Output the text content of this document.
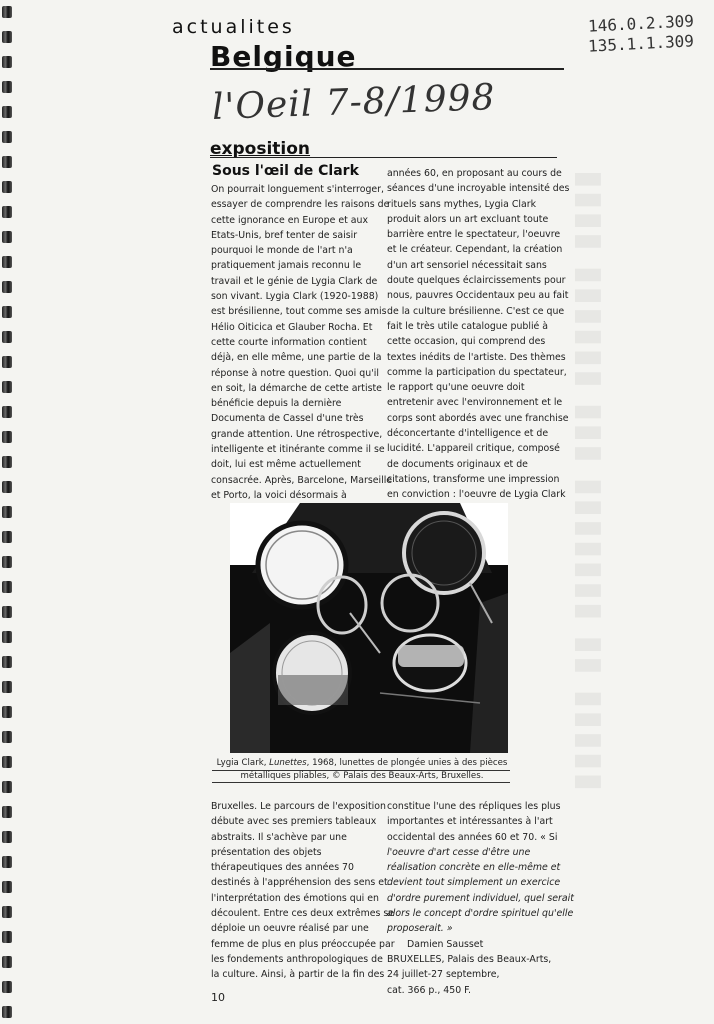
▮▮▮▮ ▮▮▮▮▮▮ ▮▮▮ ▮▮▮▮▮▮▮ ▮▮ ▮▮▮▮▮
actualites
Belgique
l'Oeil 7-8/1998
146.0.2.309
135.1.1.309
exposition
Sous l'œil de Clark
On pourrait longuement s'interroger,
essayer de comprendre les raisons de
cette ignorance en Europe et aux
Etats-Unis, bref tenter de saisir
pourquoi le monde de l'art n'a
pratiquement jamais reconnu le
travail et le génie de Lygia Clark de
son vivant. Lygia Clark (1920-1988)
est brésilienne, tout comme ses amis
Hélio Oiticica et Glauber Rocha. Et
cette courte information contient
déjà, en elle même, une partie de la
réponse à notre question. Quoi qu'il
en soit, la démarche de cette artiste
bénéficie depuis la dernière
Documenta de Cassel d'une très
grande attention. Une rétrospective,
intelligente et itinérante comme il se
doit, lui est même actuellement
consacrée. Après, Barcelone, Marseille
et Porto, la voici désormais à
années 60, en proposant au cours de
séances d'une incroyable intensité des
rituels sans mythes, Lygia Clark
produit alors un art excluant toute
barrière entre le spectateur, l'oeuvre
et le créateur. Cependant, la création
d'un art sensoriel nécessitait sans
doute quelques éclaircissements pour
nous, pauvres Occidentaux peu au fait
de la culture brésilienne. C'est ce que
fait le très utile catalogue publié à
cette occasion, qui comprend des
textes inédits de l'artiste. Des thèmes
comme la participation du spectateur,
le rapport qu'une oeuvre doit
entretenir avec l'environnement et le
corps sont abordés avec une franchise
déconcertante d'intelligence et de
lucidité. L'appareil critique, composé
de documents originaux et de
citations, transforme une impression
en conviction : l'oeuvre de Lygia Clark
Lygia Clark, Lunettes, 1968, lunettes de plongée unies à des pièces
métalliques pliables, © Palais des Beaux-Arts, Bruxelles.
Bruxelles. Le parcours de l'exposition
débute avec ses premiers tableaux
abstraits. Il s'achève par une
présentation des objets
thérapeutiques des années 70
destinés à l'appréhension des sens et
l'interprétation des émotions qui en
découlent. Entre ces deux extrêmes se
déploie un oeuvre réalisé par une
femme de plus en plus préoccupée par
les fondements anthropologiques de
la culture. Ainsi, à partir de la fin des
constitue l'une des répliques les plus
importantes et intéressantes à l'art
occidental des années 60 et 70. « Si
l'oeuvre d'art cesse d'être une
réalisation concrète en elle-même et
devient tout simplement un exercice
d'ordre purement individuel, quel serait
alors le concept d'ordre spirituel qu'elle
proposerait. »
Damien Sausset
BRUXELLES, Palais des Beaux-Arts,
24 juillet-27 septembre,
cat. 366 p., 450 F.
10
